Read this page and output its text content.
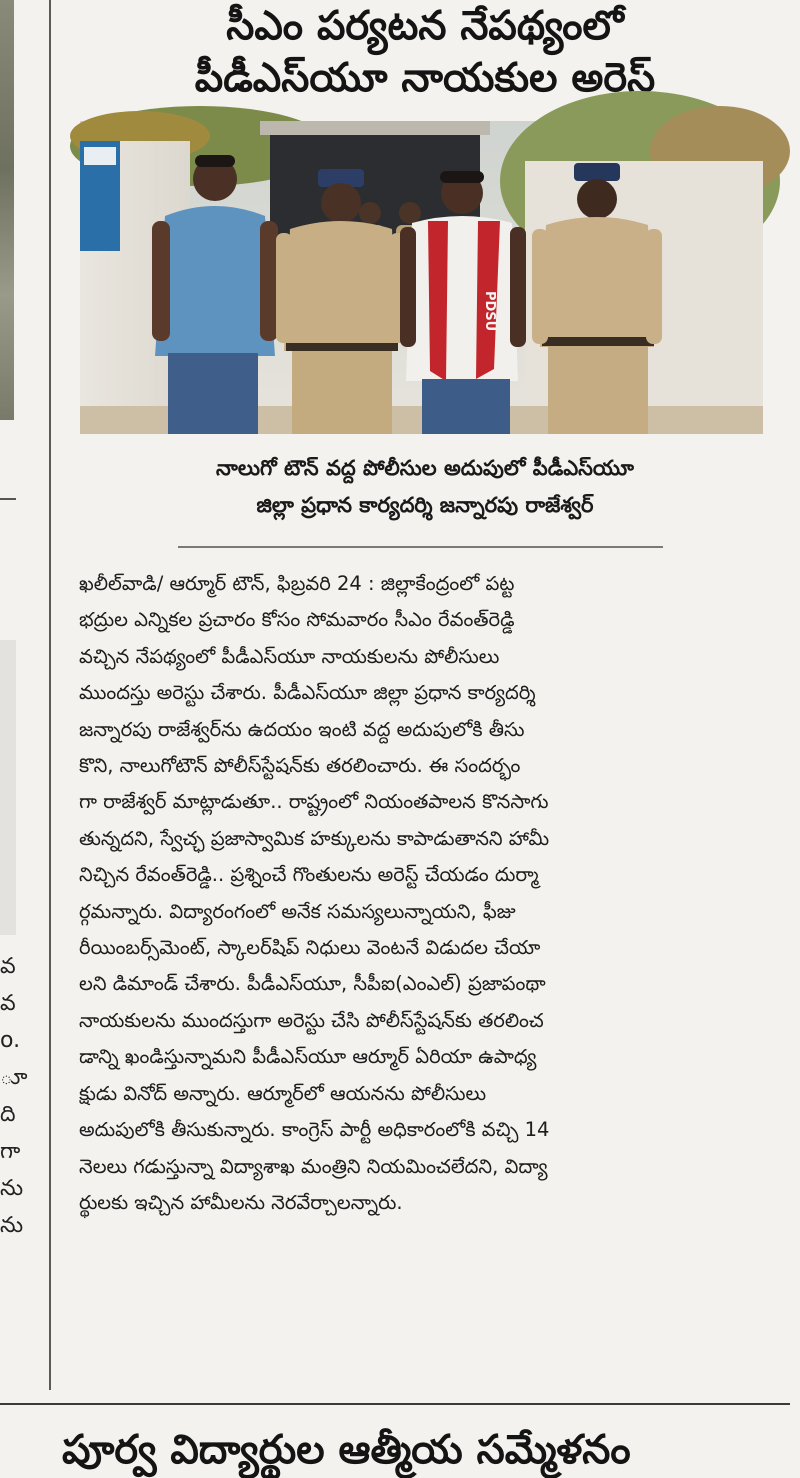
వ
వ
o.
ూ
ది
గా
ను
ను
సీఎం పర్యటన నేపథ్యంలో
పీడీఎస్‌యూ నాయకుల అరెస్ట్
PDSU
నాలుగో టౌన్ వద్ద పోలీసుల అదుపులో పీడీఎస్‌యూ
జిల్లా ప్రధాన కార్యదర్శి జన్నారపు రాజేశ్వర్
ఖలీల్‌వాడి/ ఆర్మూర్ టౌన్, ఫిబ్రవరి 24 : జిల్లాకేంద్రంలో పట్ట
భద్రుల ఎన్నికల ప్రచారం కోసం సోమవారం సీఎం రేవంత్‌రెడ్డి
వచ్చిన నేపథ్యంలో పీడీఎస్‌యూ నాయకులను పోలీసులు
ముందస్తు అరెస్టు చేశారు. పీడీఎస్‌యూ జిల్లా ప్రధాన కార్యదర్శి
జన్నారపు రాజేశ్వర్‌ను ఉదయం ఇంటి వద్ద అదుపులోకి తీసు
కొని, నాలుగోటౌన్ పోలీస్‌స్టేషన్‌కు తరలించారు. ఈ సందర్భం
గా రాజేశ్వర్ మాట్లాడుతూ.. రాష్ట్రంలో నియంతపాలన కొనసాగు
తున్నదని, స్వేచ్ఛ ప్రజాస్వామిక హక్కులను కాపాడుతానని హామీ
నిచ్చిన రేవంత్‌రెడ్డి.. ప్రశ్నించే గొంతులను అరెస్ట్ చేయడం దుర్మా
ర్గమన్నారు. విద్యారంగంలో అనేక సమస్యలున్నాయని, ఫీజు
రీయింబర్స్‌మెంట్, స్కాలర్‌షిప్ నిధులు వెంటనే విడుదల చేయా
లని డిమాండ్ చేశారు. పీడీఎస్‌యూ, సీపీఐ(ఎంఎల్) ప్రజాపంథా
నాయకులను ముందస్తుగా అరెస్టు చేసి పోలీస్‌స్టేషన్‌కు తరలించ
డాన్ని ఖండిస్తున్నామని పీడీఎస్‌యూ ఆర్మూర్ ఏరియా ఉపాధ్య
క్షుడు వినోద్ అన్నారు. ఆర్మూర్‌లో ఆయనను పోలీసులు
అదుపులోకి తీసుకున్నారు. కాంగ్రెస్ పార్టీ అధికారంలోకి వచ్చి 14
నెలలు గడుస్తున్నా విద్యాశాఖ మంత్రిని నియమించలేదని, విద్యా
ర్థులకు ఇచ్చిన హామీలను నెరవేర్చాలన్నారు.
పూర్వ విద్యార్థుల ఆత్మీయ సమ్మేళనం
